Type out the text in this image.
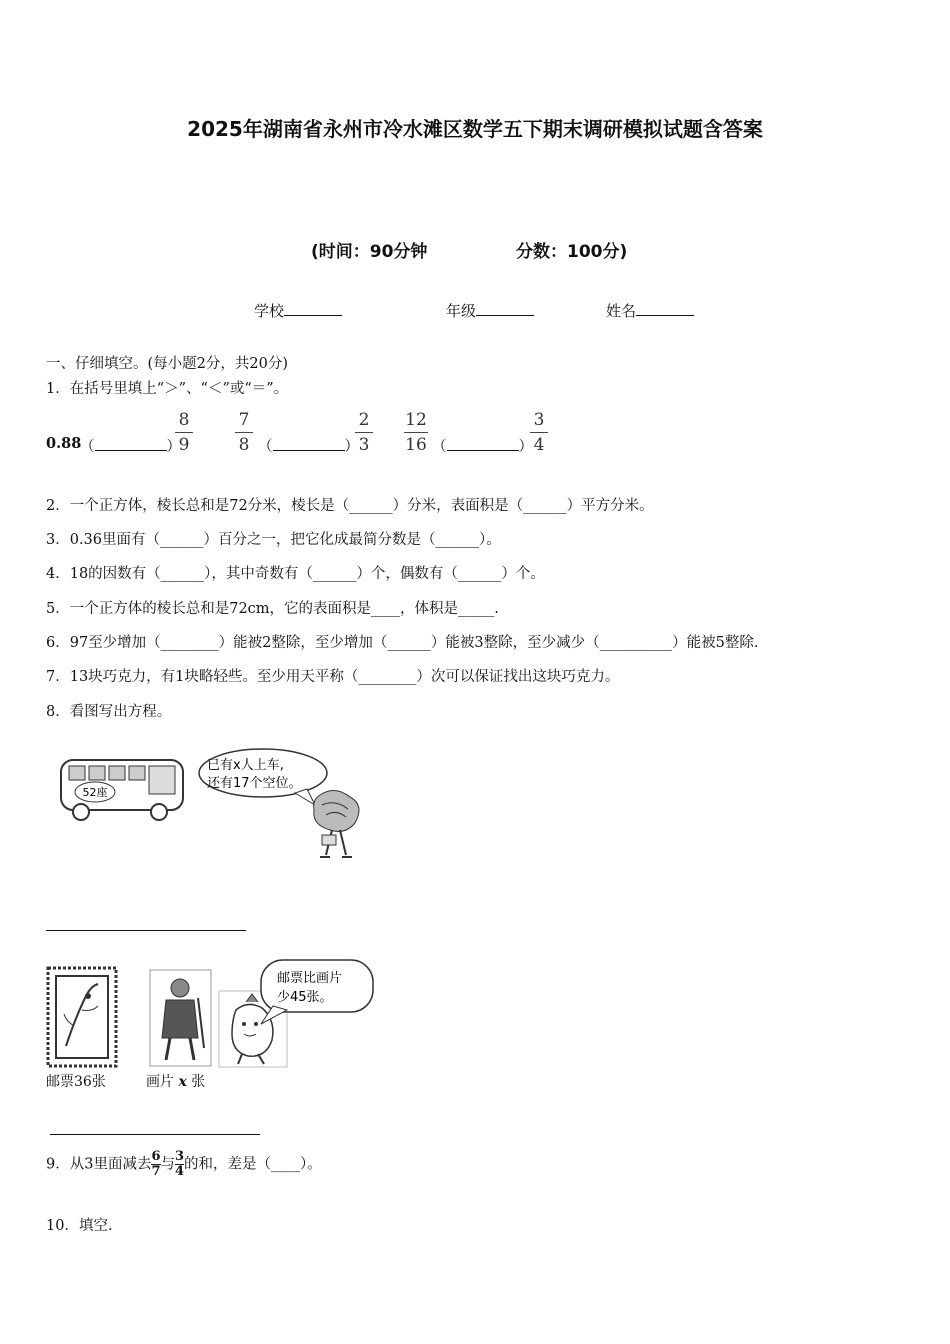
2025年湖南省永州市冷水滩区数学五下期末调研模拟试题含答案
(时间：90分钟	分数：100分)
学校	年级	姓名
一、仔细填空。(每小题2分，共20分)
1．在括号里填上“＞”、“＜”或“＝”。
0.88
（	）
8
9
7
8 （	）
2
3
12
16 （	）
3
4
2．一个正方体，棱长总和是72分米，棱长是（______）分米，表面积是（______）平方分米。
3．0.36里面有（______）百分之一，把它化成最简分数是（______）。
4．18的因数有（______），其中奇数有（______）个，偶数有（______）个。
5．一个正方体的棱长总和是72cm，它的表面积是____，体积是_____.
6．97至少增加（________）能被2整除，至少增加（______）能被3整除，至少减少（__________）能被5整除.
7．13块巧克力，有1块略轻些。至少用天平称（________）次可以保证找出这块巧克力。
8．看图写出方程。
52座
已有x人上车,
还有17个空位。
邮票比画片
少45张。
邮票36张	画片 x 张
9．从3里面减去$\frac{6}{7}$与$\frac{3}{4}$的和，差是（____）。
10．填空.
